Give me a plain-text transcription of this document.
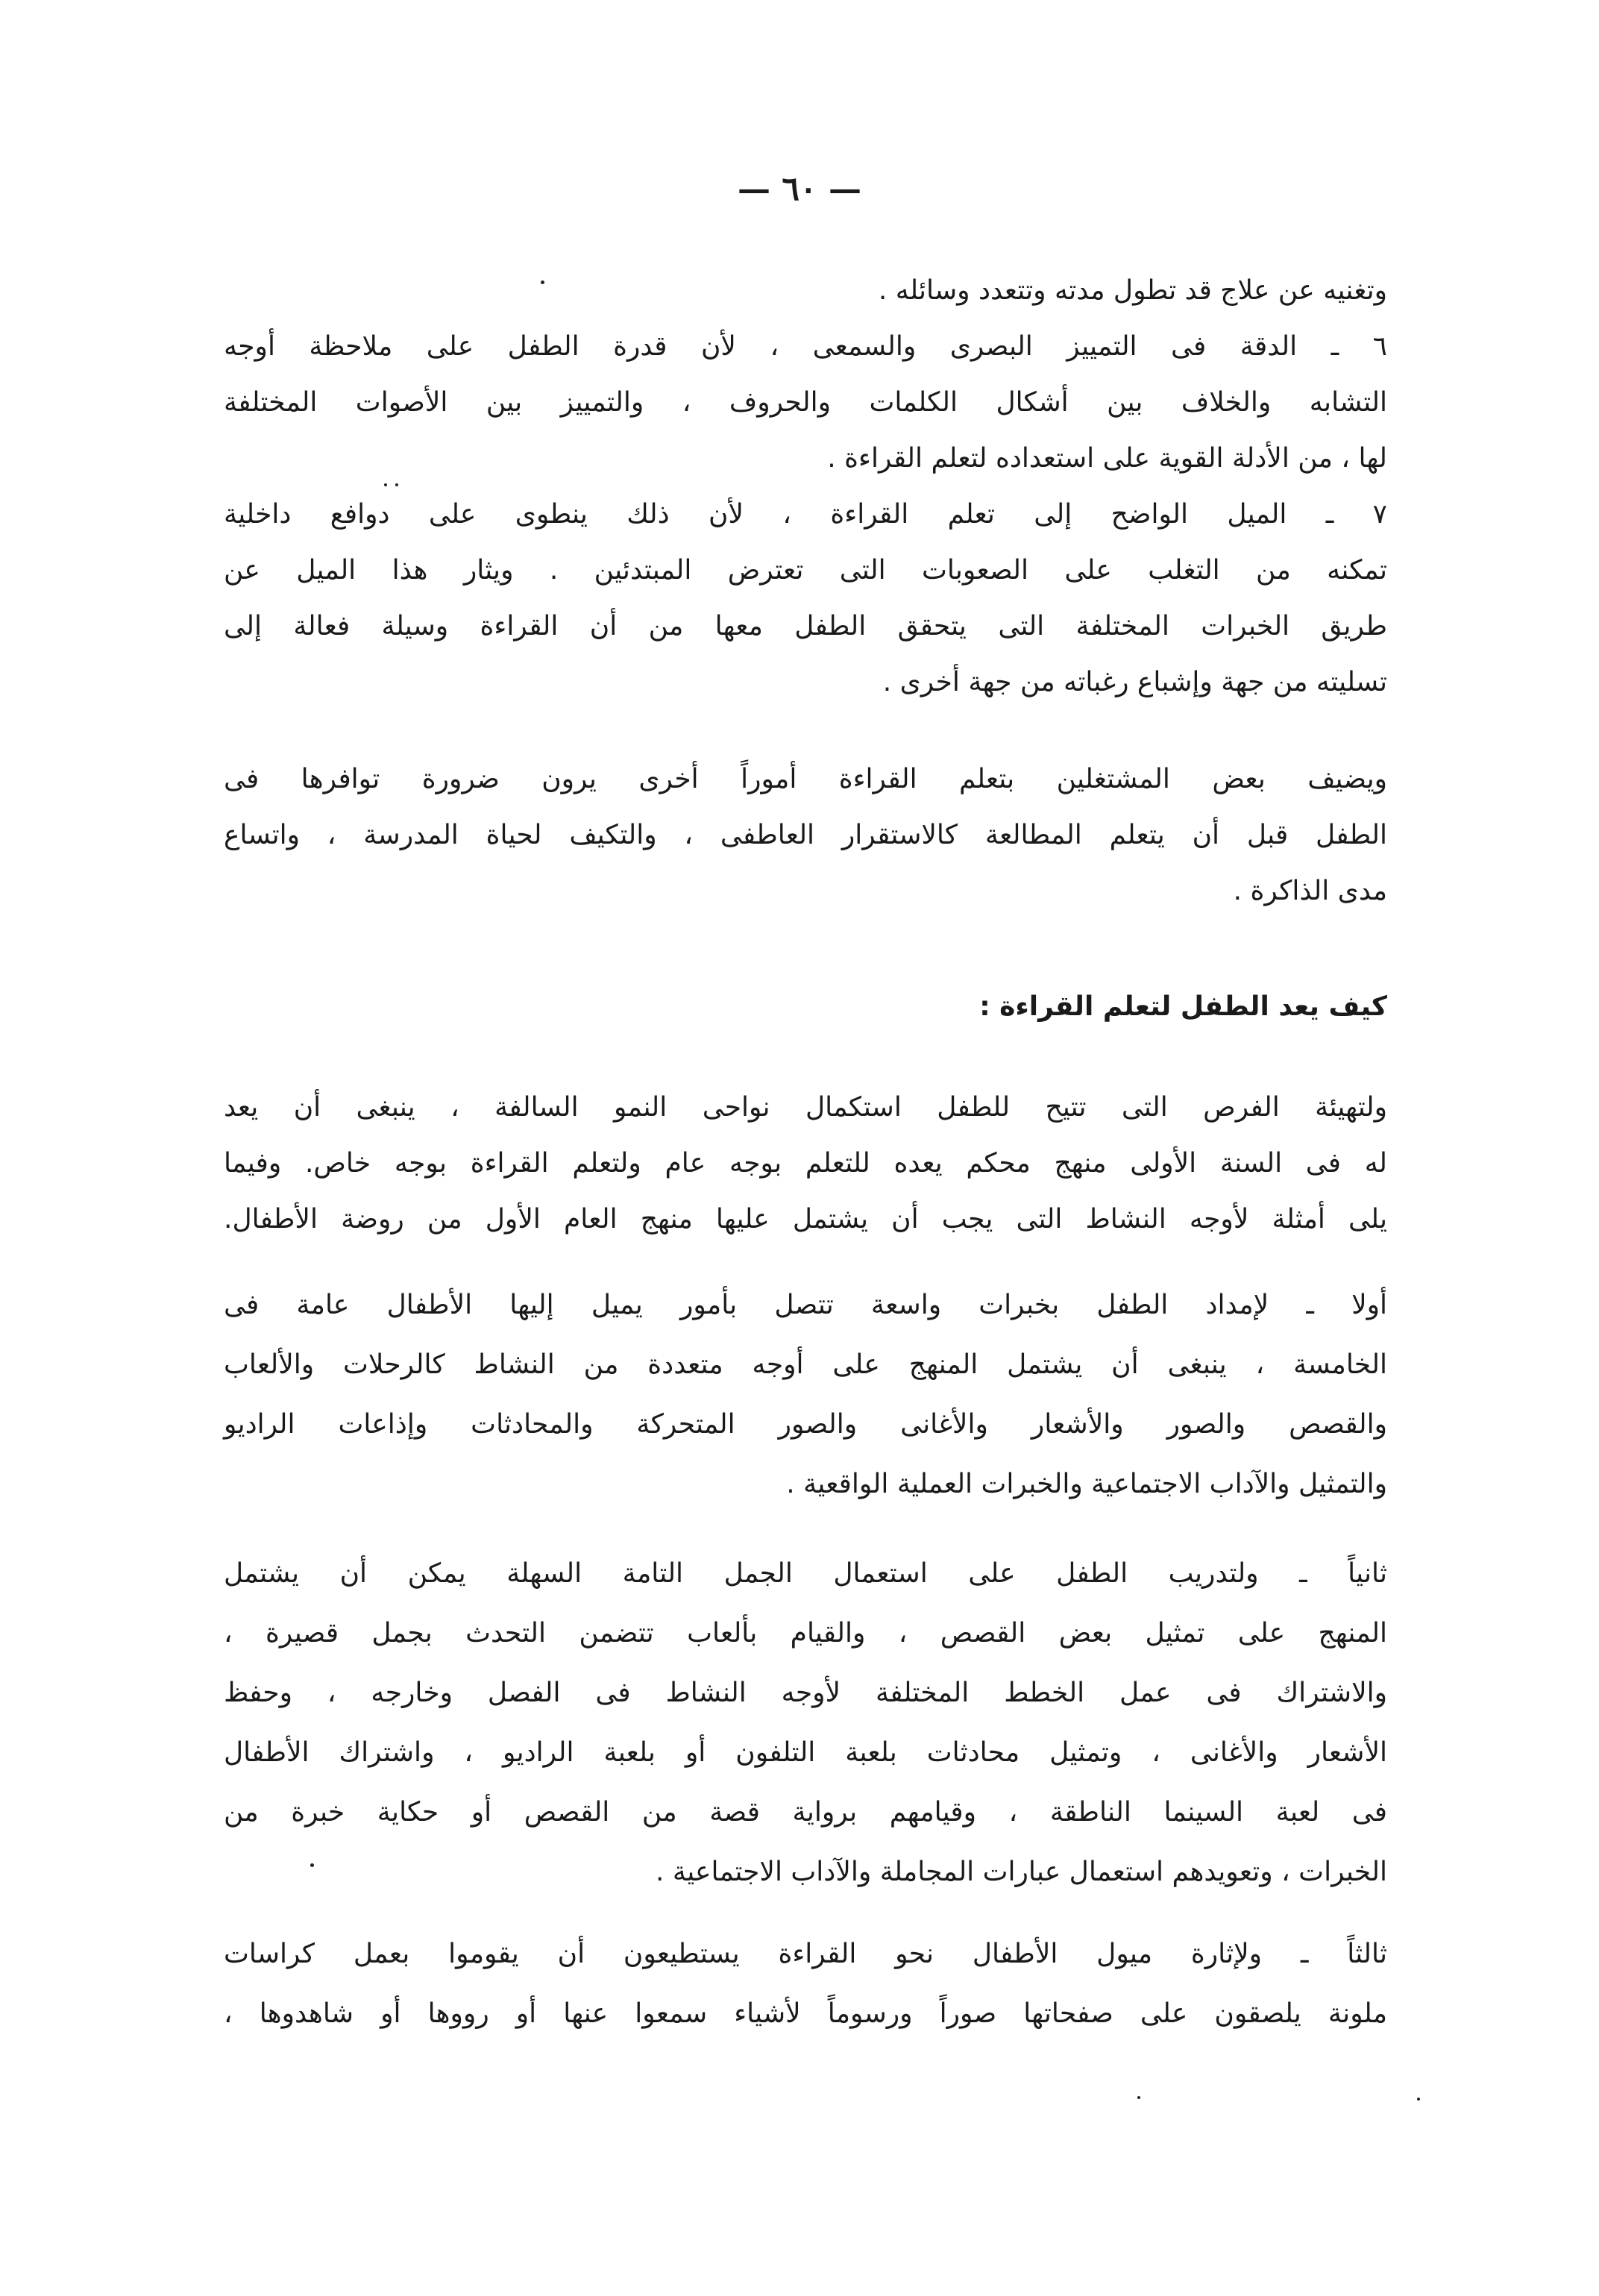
— ٦٠ —
وتغنيه عن علاج قد تطول مدته وتتعدد وسائله .
٦ ـ الدقة فى التمييز البصرى والسمعى ، لأن قدرة الطفل على ملاحظة أوجه
التشابه والخلاف بين أشكال الكلمات والحروف ، والتمييز بين الأصوات المختلفة
لها ، من الأدلة القوية على استعداده لتعلم القراءة .
٧ ـ الميل الواضح إلى تعلم القراءة ، لأن ذلك ينطوى على دوافع داخلية
تمكنه من التغلب على الصعوبات التى تعترض المبتدئين . ويثار هذا الميل عن
طريق الخبرات المختلفة التى يتحقق الطفل معها من أن القراءة وسيلة فعالة إلى
تسليته من جهة وإشباع رغباته من جهة أخرى .
ويضيف بعض المشتغلين بتعلم القراءة أموراً أخرى يرون ضرورة توافرها فى
الطفل قبل أن يتعلم المطالعة كالاستقرار العاطفى ، والتكيف لحياة المدرسة ، واتساع
مدى الذاكرة .
كيف يعد الطفل لتعلم القراءة :
ولتهيئة الفرص التى تتيح للطفل استكمال نواحى النمو السالفة ، ينبغى أن يعد
له فى السنة الأولى منهج محكم يعده للتعلم بوجه عام ولتعلم القراءة بوجه خاص. وفيما
يلى أمثلة لأوجه النشاط التى يجب أن يشتمل عليها منهج العام الأول من روضة الأطفال.
أولا ـ لإمداد الطفل بخبرات واسعة تتصل بأمور يميل إليها الأطفال عامة فى
الخامسة ، ينبغى أن يشتمل المنهج على أوجه متعددة من النشاط كالرحلات والألعاب
والقصص والصور والأشعار والأغانى والصور المتحركة والمحادثات وإذاعات الراديو
والتمثيل والآداب الاجتماعية والخبرات العملية الواقعية .
ثانياً ـ ولتدريب الطفل على استعمال الجمل التامة السهلة يمكن أن يشتمل
المنهج على تمثيل بعض القصص ، والقيام بألعاب تتضمن التحدث بجمل قصيرة ،
والاشتراك فى عمل الخطط المختلفة لأوجه النشاط فى الفصل وخارجه ، وحفظ
الأشعار والأغانى ، وتمثيل محادثات بلعبة التلفون أو بلعبة الراديو ، واشتراك الأطفال
فى لعبة السينما الناطقة ، وقيامهم برواية قصة من القصص أو حكاية خبرة من
الخبرات ، وتعويدهم استعمال عبارات المجاملة والآداب الاجتماعية .
ثالثاً ـ ولإثارة ميول الأطفال نحو القراءة يستطيعون أن يقوموا بعمل كراسات
ملونة يلصقون على صفحاتها صوراً ورسوماً لأشياء سمعوا عنها أو رووها أو شاهدوها ،
